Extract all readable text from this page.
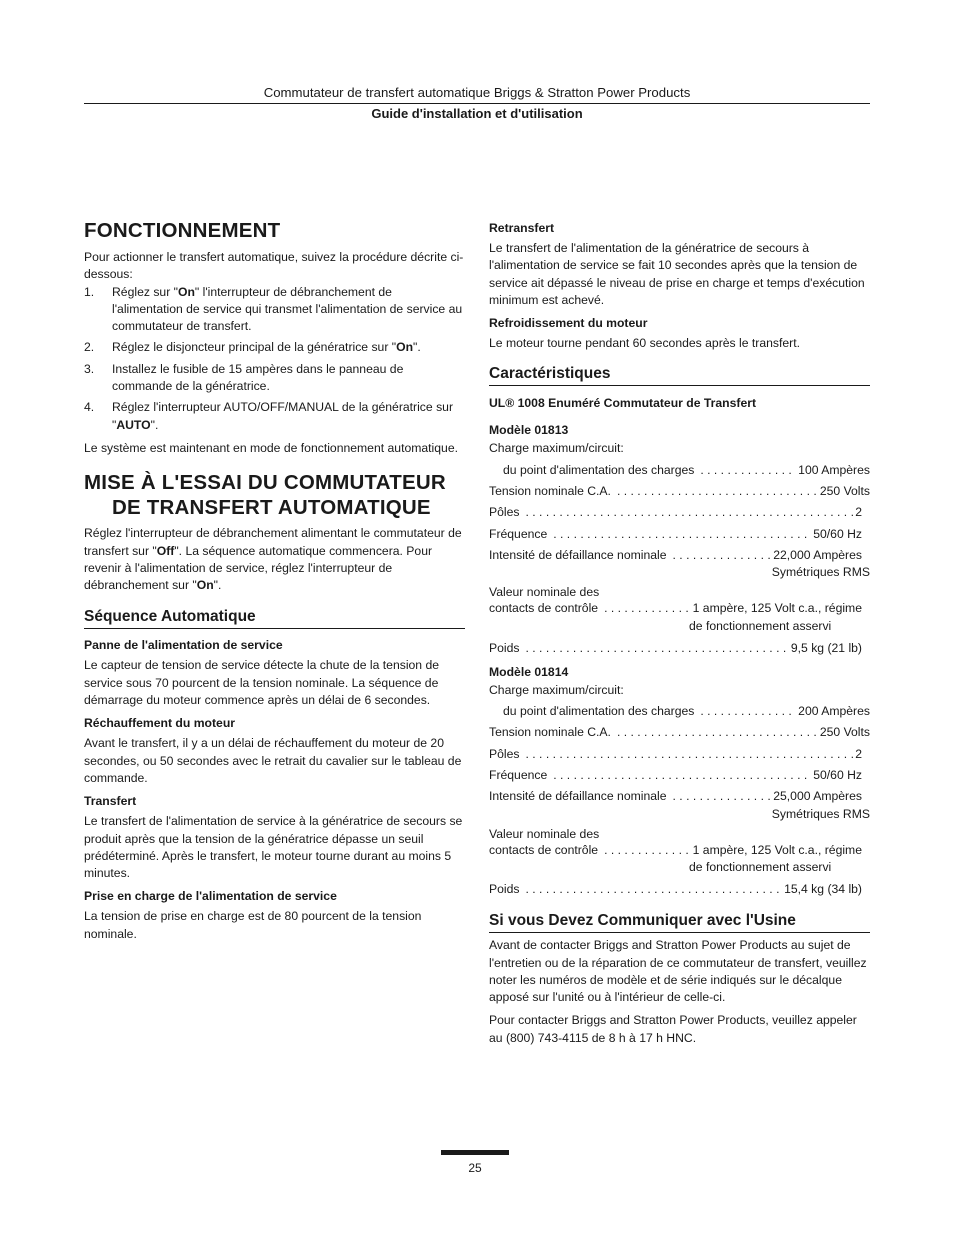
Commutateur de transfert automatique Briggs & Stratton Power Products
Guide d'installation et d'utilisation
FONCTIONNEMENT

Pour actionner le transfert automatique, suivez la procédure décrite ci-dessous:

1. Réglez sur "On" l'interrupteur de débranchement de l'alimentation de service qui transmet l'alimentation de service au commutateur de transfert.
2. Réglez le disjoncteur principal de la génératrice sur "On".
3. Installez le fusible de 15 ampères dans le panneau de commande de la génératrice.
4. Réglez l'interrupteur AUTO/OFF/MANUAL de la génératrice sur "AUTO".

Le système est maintenant en mode de fonctionnement automatique.

MISE À L'ESSAI DU COMMUTATEUR DE TRANSFERT AUTOMATIQUE

Réglez l'interrupteur de débranchement alimentant le commutateur de transfert sur "Off". La séquence automatique commencera. Pour revenir à l'alimentation de service, réglez l'interrupteur de débranchement sur "On".

Séquence Automatique
Panne de l'alimentation de service

Le capteur de tension de service détecte la chute de la tension de service sous 70 pourcent de la tension nominale. La séquence de démarrage du moteur commence après un délai de 6 secondes.

Réchauffement du moteur

Avant le transfert, il y a un délai de réchauffement du moteur de 20 secondes, ou 50 secondes avec le retrait du cavalier sur le tableau de commande.

Transfert

Le transfert de l'alimentation de service à la génératrice de secours se produit après que la tension de la génératrice dépasse un seuil prédéterminé. Après le transfert, le moteur tourne durant au moins 5 minutes.

Prise en charge de l'alimentation de service

La tension de prise en charge est de 80 pourcent de la tension nominale.

Retransfert

Le transfert de l'alimentation de la génératrice de secours à l'alimentation de service se fait 10 secondes après que la tension de service ait dépassé le niveau de prise en charge et temps d'exécution minimum est achevé.

Refroidissement du moteur

Le moteur tourne pendant 60 secondes après le transfert.

Caractéristiques
UL® 1008 Enuméré Commutateur de Transfert
Modèle 01813

Charge maximum/circuit:

du point d'alimentation des charges . . .	100 Ampères
Tension nominale C.A. . . .	250 Volts
Pôles . . .	2
Fréquence . . .	50/60 Hz
Intensité de défaillance nominale . . .	22,000 Ampères
Symétriques RMS

Valeur nominale des

contacts de contrôle . . .	1 ampère, 125 Volt c.a., régime
de fonctionnement asservi
Poids . . .	9,5 kg (21 lb)
Modèle 01814

Charge maximum/circuit:

du point d'alimentation des charges . . .	200 Ampères
Tension nominale C.A. . . .	250 Volts
Pôles . . .	2
Fréquence . . .	50/60 Hz
Intensité de défaillance nominale . . .	25,000 Ampères
Symétriques RMS

Valeur nominale des

contacts de contrôle . . .	1 ampère, 125 Volt c.a., régime
de fonctionnement asservi
Poids . . .	15,4 kg (34 lb)
Si vous Devez Communiquer avec l'Usine

Avant de contacter Briggs and Stratton Power Products au sujet de l'entretien ou de la réparation de ce commutateur de transfert, veuillez noter les numéros de modèle et de série indiqués sur le décalque apposé sur l'unité ou à l'intérieur de celle-ci.

Pour contacter Briggs and Stratton Power Products, veuillez appeler au (800) 743-4115 de 8 h à 17 h HNC.

25
